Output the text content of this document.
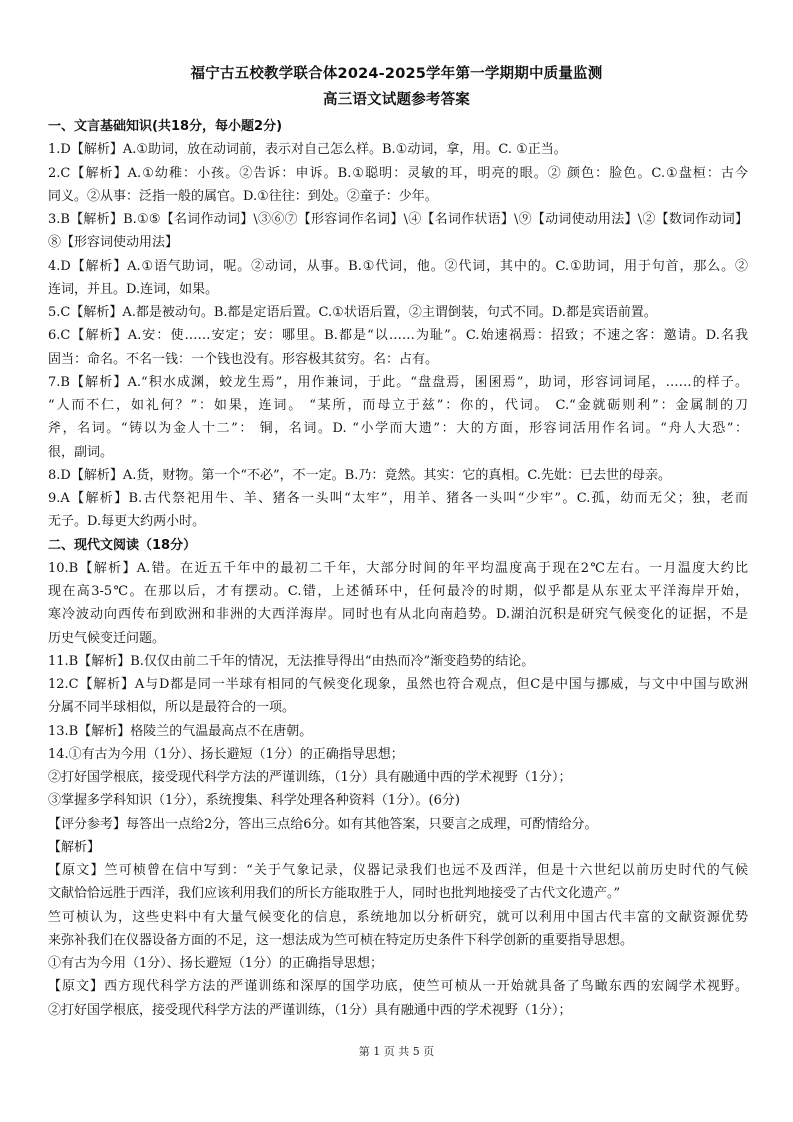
福宁古五校教学联合体2024-2025学年第一学期期中质量监测
高三语文试题参考答案
一、文言基础知识(共18分，每小题2分)
1.D【解析】A.①助词，放在动词前，表示对自己怎么样。B.①动词，拿，用。C. ①正当。
2.C【解析】A.①幼稚：小孩。②告诉：申诉。B.①聪明：灵敏的耳，明亮的眼。② 颜色：脸色。C.①盘桓：古今
同义。②从事：泛指一般的属官。D.①往往：到处。②童子：少年。
3.B【解析】B.①⑤【名词作动词】\③⑥⑦【形容词作名词】\④【名词作状语】\⑨【动词使动用法】\②【数词作动词】
⑧【形容词使动用法】
4.D【解析】A.①语气助词，呢。②动词，从事。B.①代词，他。②代词，其中的。C.①助词，用于句首，那么。②
连词，并且。D.连词，如果。
5.C【解析】A.都是被动句。B.都是定语后置。C.①状语后置，②主谓倒装，句式不同。D.都是宾语前置。
6.C【解析】A.安：使……安定；安：哪里。B.都是“以……为耻”。C.始速祸焉：招致；不速之客：邀请。D.名我
固当：命名。不名一钱：一个钱也没有。形容极其贫穷。名：占有。
7.B【解析】A.“积水成渊，蛟龙生焉”，用作兼词，于此。“盘盘焉，囷囷焉”，助词，形容词词尾，……的样子。
“人而不仁，如礼何？”：如果，连词。 “某所，而母立于兹”：你的，代词。 C.“金就砺则利”：金属制的刀
斧，名词。“铸以为金人十二”： 铜，名词。D. “小学而大遗”：大的方面，形容词活用作名词。“舟人大恐”：
很，副词。
8.D【解析】A.货，财物。第一个“不必”，不一定。B.乃：竟然。其实：它的真相。C.先妣：已去世的母亲。
9.A【解析】B.古代祭祀用牛、羊、猪各一头叫“太牢”，用羊、猪各一头叫“少牢”。C.孤，幼而无父；独，老而
无子。D.每更大约两小时。
二、现代文阅读（18分）
10.B【解析】A.错。在近五千年中的最初二千年，大部分时间的年平均温度高于现在2℃左右。一月温度大约比
现在高3-5℃。在那以后，才有摆动。C.错，上述循环中，任何最冷的时期，似乎都是从东亚太平洋海岸开始，
寒冷波动向西传布到欧洲和非洲的大西洋海岸。同时也有从北向南趋势。D.湖泊沉积是研究气候变化的证据，不是
历史气候变迁问题。
11.B【解析】B.仅仅由前二千年的情况，无法推导得出“由热而冷”渐变趋势的结论。
12.C【解析】A与D都是同一半球有相同的气候变化现象，虽然也符合观点，但C是中国与挪威，与文中中国与欧洲
分属不同半球相似，所以是最符合的一项。
13.B【解析】格陵兰的气温最高点不在唐朝。
14.①有古为今用（1分）、扬长避短（1分）的正确指导思想；
②打好国学根底，接受现代科学方法的严谨训练，（1分）具有融通中西的学术视野（1分）；
③掌握多学科知识（1分），系统搜集、科学处理各种资料（1分）。(6分)
【评分参考】每答出一点给2分，答出三点给6分。如有其他答案，只要言之成理，可酌情给分。
【解析】
【原文】竺可桢曾在信中写到：“关于气象记录，仪器记录我们也远不及西洋，但是十六世纪以前历史时代的气候
文献恰恰远胜于西洋，我们应该利用我们的所长方能取胜于人，同时也批判地接受了古代文化遗产。”
竺可桢认为，这些史料中有大量气候变化的信息，系统地加以分析研究，就可以利用中国古代丰富的文献资源优势
来弥补我们在仪器设备方面的不足，这一想法成为竺可桢在特定历史条件下科学创新的重要指导思想。
①有古为今用（1分）、扬长避短（1分）的正确指导思想；
【原文】西方现代科学方法的严谨训练和深厚的国学功底，使竺可桢从一开始就具备了鸟瞰东西的宏阔学术视野。
②打好国学根底，接受现代科学方法的严谨训练，（1分）具有融通中西的学术视野（1分）；
第 1 页 共 5 页
